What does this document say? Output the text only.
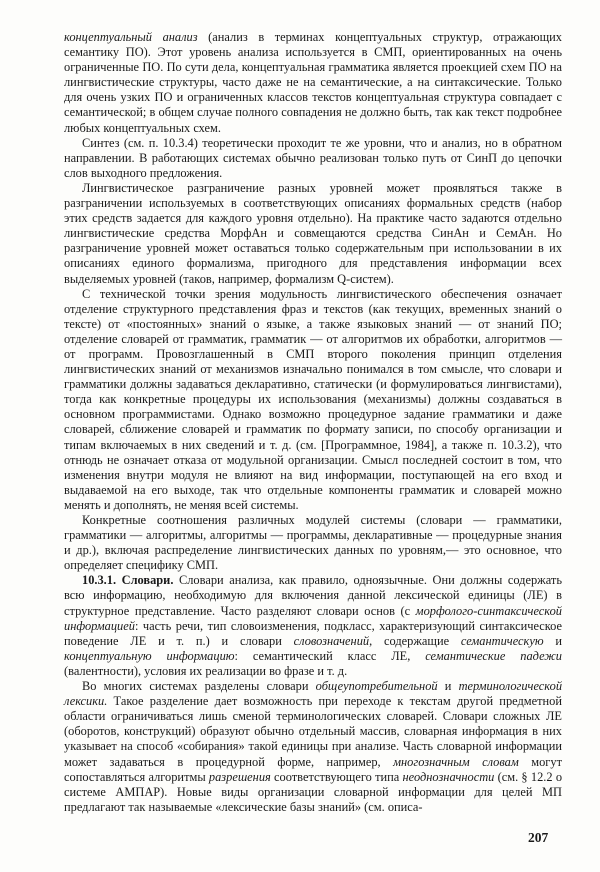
концептуальный анализ (анализ в терминах концептуальных структур, отражающих семантику ПО). Этот уровень анализа используется в СМП, ориентированных на очень ограниченные ПО. По сути дела, концептуальная грамматика является проекцией схем ПО на лингвистические структуры, часто даже не на семантические, а на синтаксические. Только для очень узких ПО и ограниченных классов текстов концептуальная структура совпадает с семантической; в общем случае полного совпадения не должно быть, так как текст подробнее любых концептуальных схем.

Синтез (см. п. 10.3.4) теоретически проходит те же уровни, что и анализ, но в обратном направлении. В работающих системах обычно реализован только путь от СинП до цепочки слов выходного предложения.

Лингвистическое разграничение разных уровней может проявляться также в разграничении используемых в соответствующих описаниях формальных средств (набор этих средств задается для каждого уровня отдельно). На практике часто задаются отдельно лингвистические средства МорфАн и совмещаются средства СинАн и СемАн. Но разграничение уровней может оставаться только содержательным при использовании в их описаниях единого формализма, пригодного для представления информации всех выделяемых уровней (таков, например, формализм Q-систем).

С технической точки зрения модульность лингвистического обеспечения означает отделение структурного представления фраз и текстов (как текущих, временных знаний о тексте) от «постоянных» знаний о языке, а также языковых знаний — от знаний ПО; отделение словарей от грамматик, грамматик — от алгоритмов их обработки, алгоритмов — от программ. Провозглашенный в СМП второго поколения принцип отделения лингвистических знаний от механизмов изначально понимался в том смысле, что словари и грамматики должны задаваться декларативно, статически (и формулироваться лингвистами), тогда как конкретные процедуры их использования (механизмы) должны создаваться в основном программистами. Однако возможно процедурное задание грамматики и даже словарей, сближение словарей и грамматик по формату записи, по способу организации и типам включаемых в них сведений и т. д. (см. [Программное, 1984], а также п. 10.3.2), что отнюдь не означает отказа от модульной организации. Смысл последней состоит в том, что изменения внутри модуля не влияют на вид информации, поступающей на его вход и выдаваемой на его выходе, так что отдельные компоненты грамматик и словарей можно менять и дополнять, не меняя всей системы.

Конкретные соотношения различных модулей системы (словари — грамматики, грамматики — алгоритмы, алгоритмы — программы, декларативные — процедурные знания и др.), включая распределение лингвистических данных по уровням,— это основное, что определяет специфику СМП.

10.3.1. Словари. Словари анализа, как правило, одноязычные. Они должны содержать всю информацию, необходимую для включения данной лексической единицы (ЛЕ) в структурное представление. Часто разделяют словари основ (с морфолого-синтаксической информацией: часть речи, тип словоизменения, подкласс, характеризующий синтаксическое поведение ЛЕ и т. п.) и словари словозначений, содержащие семантическую и концептуальную информацию: семантический класс ЛЕ, семантические падежи (валентности), условия их реализации во фразе и т. д.

Во многих системах разделены словари общеупотребительной и терминологической лексики. Такое разделение дает возможность при переходе к текстам другой предметной области ограничиваться лишь сменой терминологических словарей. Словари сложных ЛЕ (оборотов, конструкций) образуют обычно отдельный массив, словарная информация в них указывает на способ «собирания» такой единицы при анализе. Часть словарной информации может задаваться в процедурной форме, например, многозначным словам могут сопоставляться алгоритмы разрешения соответствующего типа неоднозначности (см. § 12.2 о системе АМПАР). Новые виды организации словарной информации для целей МП предлагают так называемые «лексические базы знаний» (см. описа-

207
